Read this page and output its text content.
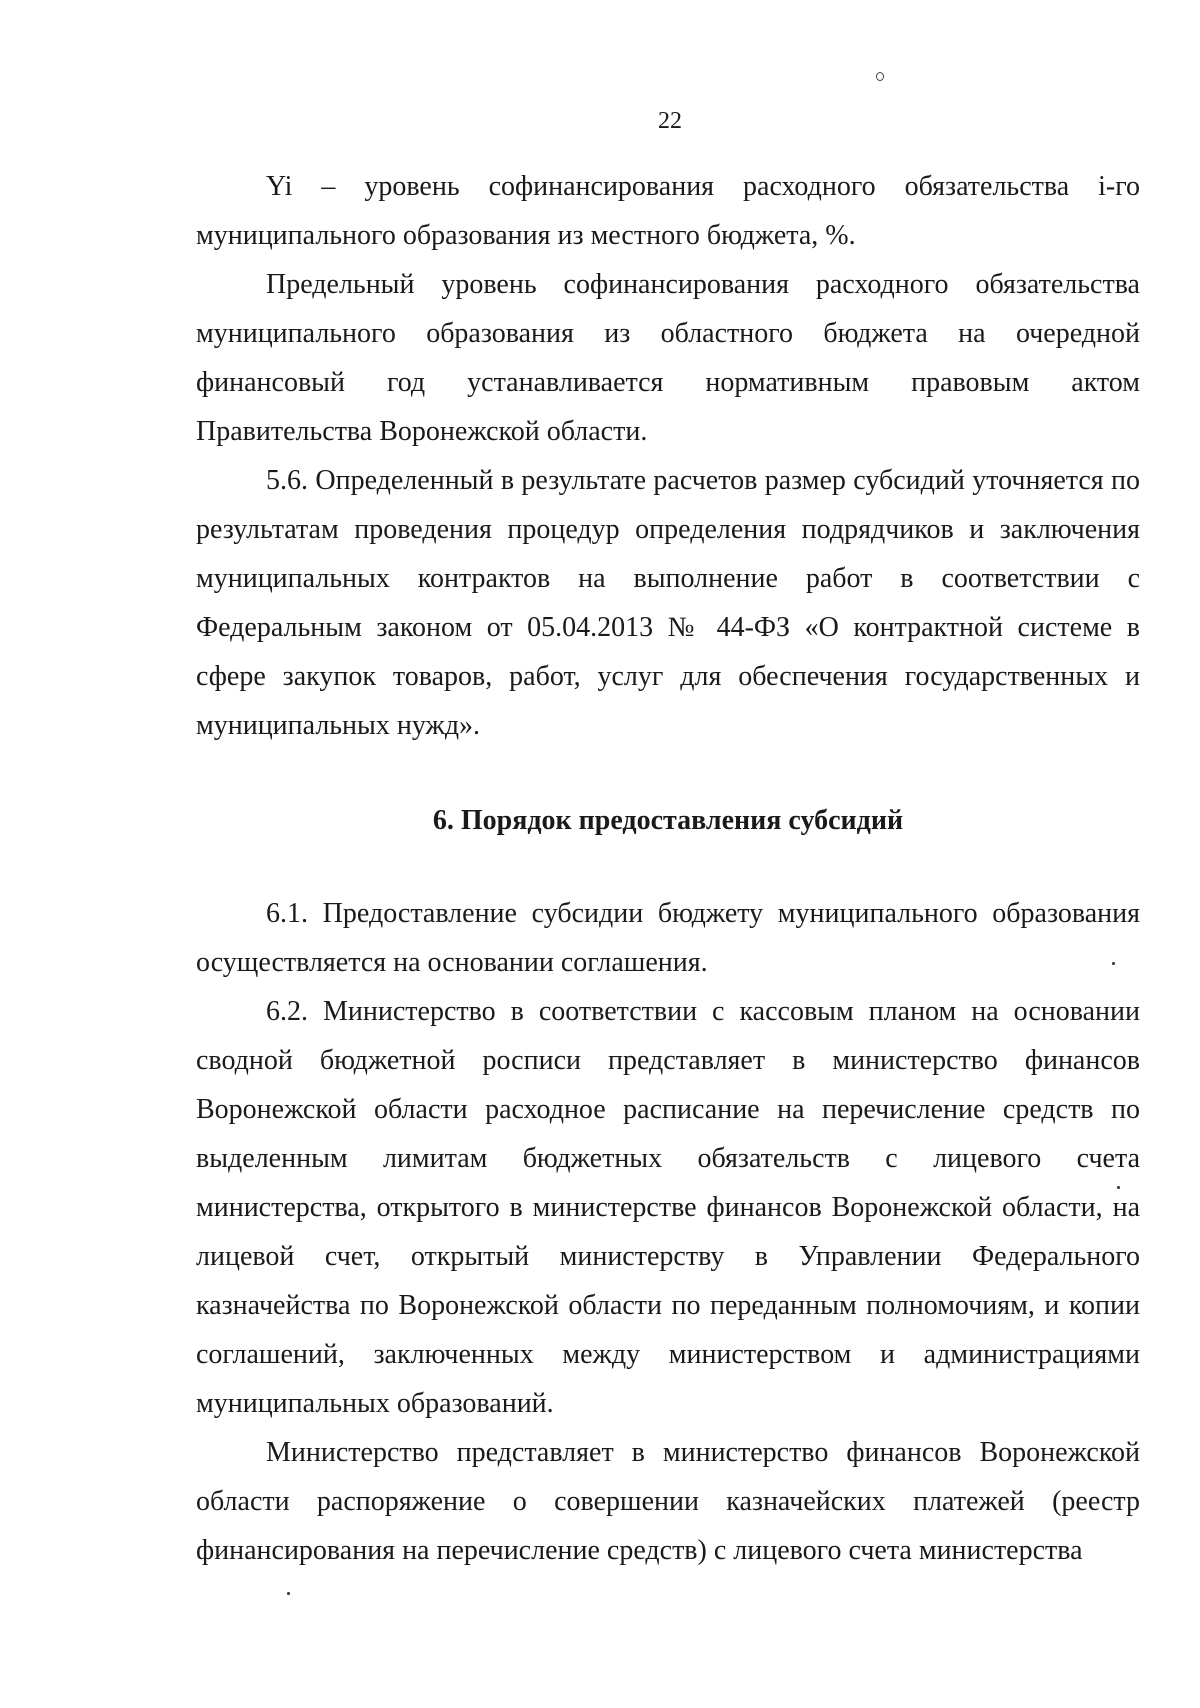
22

Yi – уровень софинансирования расходного обязательства i-го муниципального образования из местного бюджета, %.

Предельный уровень софинансирования расходного обязательства муниципального образования из областного бюджета на очередной финансовый год устанавливается нормативным правовым актом Правительства Воронежской области.

5.6. Определенный в результате расчетов размер субсидий уточняется по результатам проведения процедур определения подрядчиков и заключения муниципальных контрактов на выполнение работ в соответствии с Федеральным законом от 05.04.2013 № 44-ФЗ «О контрактной системе в сфере закупок товаров, работ, услуг для обеспечения государственных и муниципальных нужд».

6. Порядок предоставления субсидий

6.1. Предоставление субсидии бюджету муниципального образования осуществляется на основании соглашения.

6.2. Министерство в соответствии с кассовым планом на основании сводной бюджетной росписи представляет в министерство финансов Воронежской области расходное расписание на перечисление средств по выделенным лимитам бюджетных обязательств с лицевого счета министерства, открытого в министерстве финансов Воронежской области, на лицевой счет, открытый министерству в Управлении Федерального казначейства по Воронежской области по переданным полномочиям, и копии соглашений, заключенных между министерством и администрациями муниципальных образований.

Министерство представляет в министерство финансов Воронежской области распоряжение о совершении казначейских платежей (реестр финансирования на перечисление средств) с лицевого счета министерства
